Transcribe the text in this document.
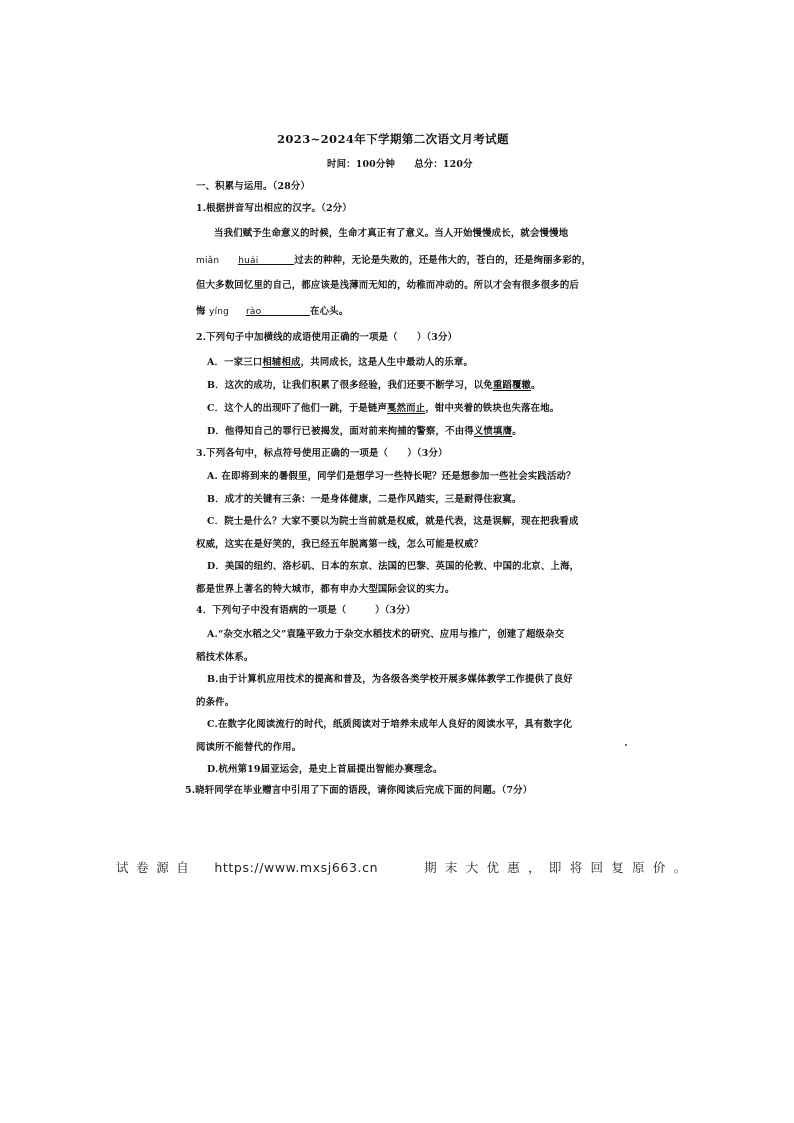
2023~2024年下学期第二次语文月考试题
时间：100分钟　　总分：120分
一、积累与运用。（28分）
1.根据拼音写出相应的汉字。（2分）
当我们赋予生命意义的时候，生命才真正有了意义。当人开始慢慢成长，就会慢慢地
miǎn huái	过去的种种，无论是失败的，还是伟大的，苍白的，还是绚丽多彩的，
但大多数回忆里的自己，都应该是浅薄而无知的，幼稚而冲动的。所以才会有很多很多的后
悔 yíng rào	在心头。
2.下列句子中加横线的成语使用正确的一项是（　　）（3分）
A．一家三口相辅相成，共同成长，这是人生中最动人的乐章。
B．这次的成功，让我们积累了很多经验，我们还要不断学习，以免重蹈覆辙。
C．这个人的出现吓了他们一跳，于是链声戛然而止，钳中夹着的铁块也失落在地。
D．他得知自己的罪行已被揭发，面对前来拘捕的警察，不由得义愤填膺。
3.下列各句中，标点符号使用正确的一项是（　　）（3分）
A. 在即将到来的暑假里，同学们是想学习一些特长呢？还是想参加一些社会实践活动？
B．成才的关键有三条：一是身体健康，二是作风踏实，三是耐得住寂寞。
C．院士是什么？大家不要以为院士当前就是权威，就是代表，这是误解，现在把我看成
权威，这实在是好笑的，我已经五年脱离第一线，怎么可能是权威？
D．美国的纽约、洛杉矶、日本的东京、法国的巴黎、英国的伦敦、中国的北京、上海，
都是世界上著名的特大城市，都有申办大型国际会议的实力。
4．下列句子中没有语病的一项是（　　　）（3分）
A.“杂交水稻之父”袁隆平致力于杂交水稻技术的研究、应用与推广，创建了超级杂交
稻技术体系。
B.由于计算机应用技术的提高和普及，为各级各类学校开展多媒体教学工作提供了良好
的条件。
C.在数字化阅读流行的时代，纸质阅读对于培养未成年人良好的阅读水平，具有数字化
阅读所不能替代的作用。
D.杭州第19届亚运会，是史上首届提出智能办赛理念。
5.晓轩同学在毕业赠言中引用了下面的语段，请你阅读后完成下面的问题。（7分）
试卷源自 https://www.mxsj663.cn	期末大优惠，即将回复原价。
